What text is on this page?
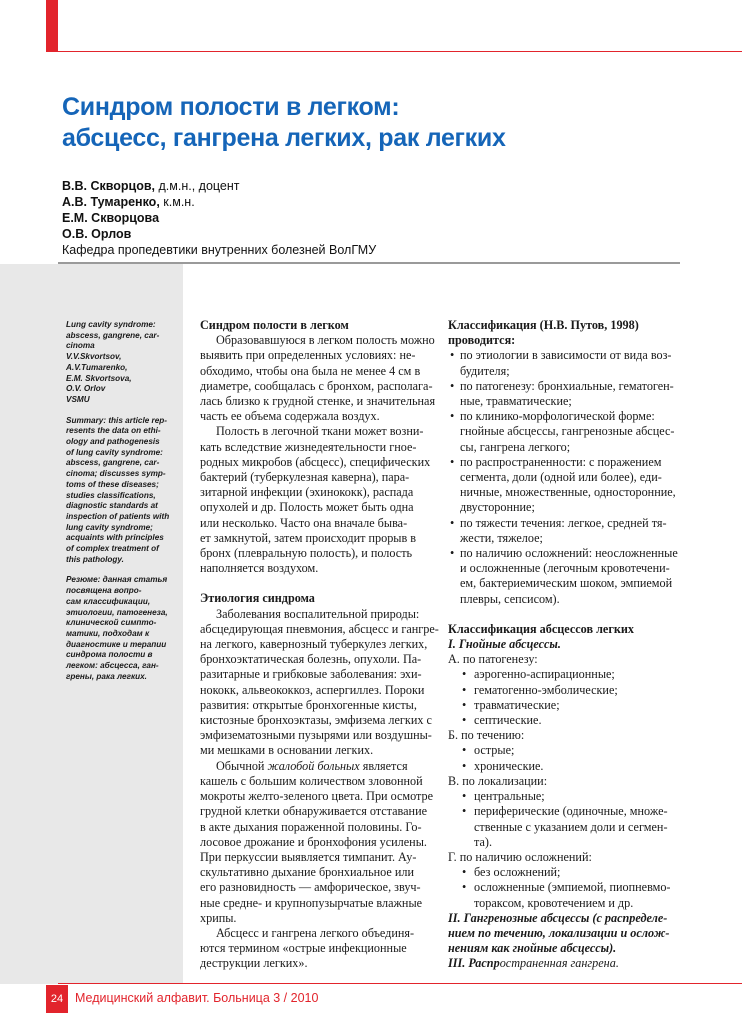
Синдром полости в легком:
абсцесс, гангрена легких, рак легких
В.В. Скворцов, д.м.н., доцент
А.В. Тумаренко, к.м.н.
Е.М. Скворцова
О.В. Орлов
Кафедра пропедевтики внутренних болезней ВолГМУ
Lung cavity syndrome:
abscess, gangrene, car-
cinoma
V.V.Skvortsov,
A.V.Tumarenko,
E.M. Skvortsova,
O.V. Orlov
VSMU
Summary: this article rep-
resents the data on ethi-
ology and pathogenesis
of lung cavity syndrome:
abscess, gangrene, car-
cinoma; discusses symp-
toms of these diseases;
studies classifications,
diagnostic standards at
inspection of patients with
lung cavity syndrome;
acquaints with principles
of complex treatment of
this pathology.
Резюме: данная статья
посвящена вопро-
сам классификации,
этиологии, патогенеза,
клинической симпто-
матики, подходам к
диагностике и терапии
синдрома полости в
легком: абсцесса, ган-
грены, рака легких.
Синдром полости в легком
Образовавшуюся в легком полость можно
выявить при определенных условиях: не-
обходимо, чтобы она была не менее 4 см в
диаметре, сообщалась с бронхом, располага-
лась близко к грудной стенке, и значительная
часть ее объема содержала воздух.
Полость в легочной ткани может возни-
кать вследствие жизнедеятельности гное-
родных микробов (абсцесс), специфических
бактерий (туберкулезная каверна), пара-
зитарной инфекции (эхинококк), распада
опухолей и др. Полость может быть одна
или несколько. Часто она вначале быва-
ет замкнутой, затем происходит прорыв в
бронх (плевральную полость), и полость
наполняется воздухом.
Этиология синдрома
Заболевания воспалительной природы:
абсцедирующая пневмония, абсцесс и гангре-
на легкого, кавернозный туберкулез легких,
бронхоэктатическая болезнь, опухоли. Па-
разитарные и грибковые заболевания: эхи-
нококк, альвеококкоз, аспергиллез. Пороки
развития: открытые бронхогенные кисты,
кистозные бронхоэктазы, эмфизема легких с
эмфизематозными пузырями или воздушны-
ми мешками в основании легких.
Обычной жалобой больных является
кашель с большим количеством зловонной
мокроты желто-зеленого цвета. При осмотре
грудной клетки обнаруживается отставание
в акте дыхания пораженной половины. Го-
лосовое дрожание и бронхофония усилены.
При перкуссии выявляется тимпанит. Ау-
скультативно дыхание бронхиальное или
его разновидность — амфорическое, звуч-
ные средне- и крупнопузырчатые влажные
хрипы.
Абсцесс и гангрена легкого объединя-
ются термином «острые инфекционные
деструкции легких».
Классификация (Н.В. Путов, 1998)
проводится:
• по этиологии в зависимости от вида воз-
будителя;
• по патогенезу: бронхиальные, гематоген-
ные, травматические;
• по клинико-морфологической форме:
гнойные абсцессы, гангренозные абсцес-
сы, гангрена легкого;
• по распространенности: с поражением
сегмента, доли (одной или более), еди-
ничные, множественные, односторонние,
двусторонние;
• по тяжести течения: легкое, средней тя-
жести, тяжелое;
• по наличию осложнений: неосложненные
и осложненные (легочным кровотечени-
ем, бактериемическим шоком, эмпиемой
плевры, сепсисом).
Классификация абсцессов легких
I. Гнойные абсцессы.
А. по патогенезу:
• аэрогенно-аспирационные;
• гематогенно-эмболические;
• травматические;
• септические.
Б. по течению:
• острые;
• хронические.
В. по локализации:
• центральные;
• периферические (одиночные, множе-
ственные с указанием доли и сегмен-
та).
Г. по наличию осложнений:
• без осложнений;
• осложненные (эмпиемой, пиопневмо-
тораксом, кровотечением и др.
II. Гангренозные абсцессы (с распределе-
нием по течению, локализации и ослож-
нениям как гнойные абсцессы).
III. Распространенная гангрена.
24 Медицинский алфавит. Больница 3 / 2010
